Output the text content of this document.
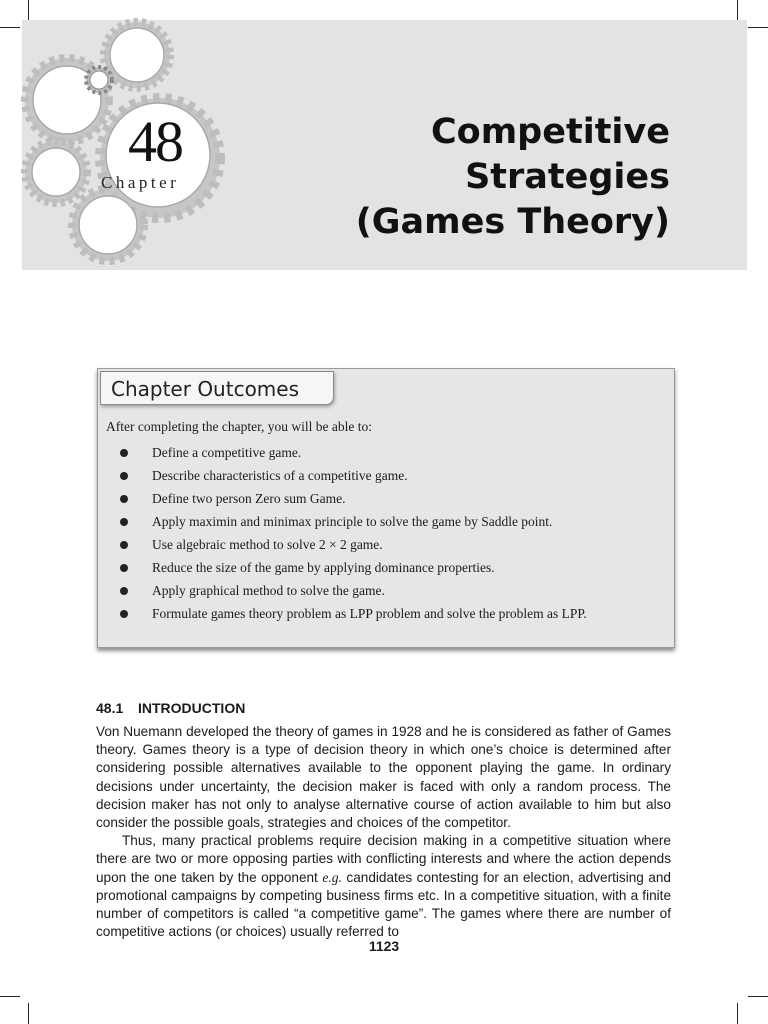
48
Chapter
Competitive
Strategies
(Games Theory)
Chapter Outcomes
After completing the chapter, you will be able to:
Define a competitive game.
Describe characteristics of a competitive game.
Define two person Zero sum Game.
Apply maximin and minimax principle to solve the game by Saddle point.
Use algebraic method to solve 2 × 2 game.
Reduce the size of the game by applying dominance properties.
Apply graphical method to solve the game.
Formulate games theory problem as LPP problem and solve the problem as LPP.
48.1 INTRODUCTION

Von Nuemann developed the theory of games in 1928 and he is considered as father of Games theory. Games theory is a type of decision theory in which one’s choice is determined after considering possible alternatives available to the opponent playing the game. In ordinary decisions under uncertainty, the decision maker is faced with only a random process. The decision maker has not only to analyse alternative course of action available to him but also consider the possible goals, strategies and choices of the competitor.

Thus, many practical problems require decision making in a competitive situation where there are two or more opposing parties with conflicting interests and where the action depends upon the one taken by the opponent e.g. candidates contesting for an election, advertising and promotional campaigns by competing business firms etc. In a competitive situation, with a finite number of competitors is called “a competitive game”. The games where there are number of competitive actions (or choices) usually referred to

1123
